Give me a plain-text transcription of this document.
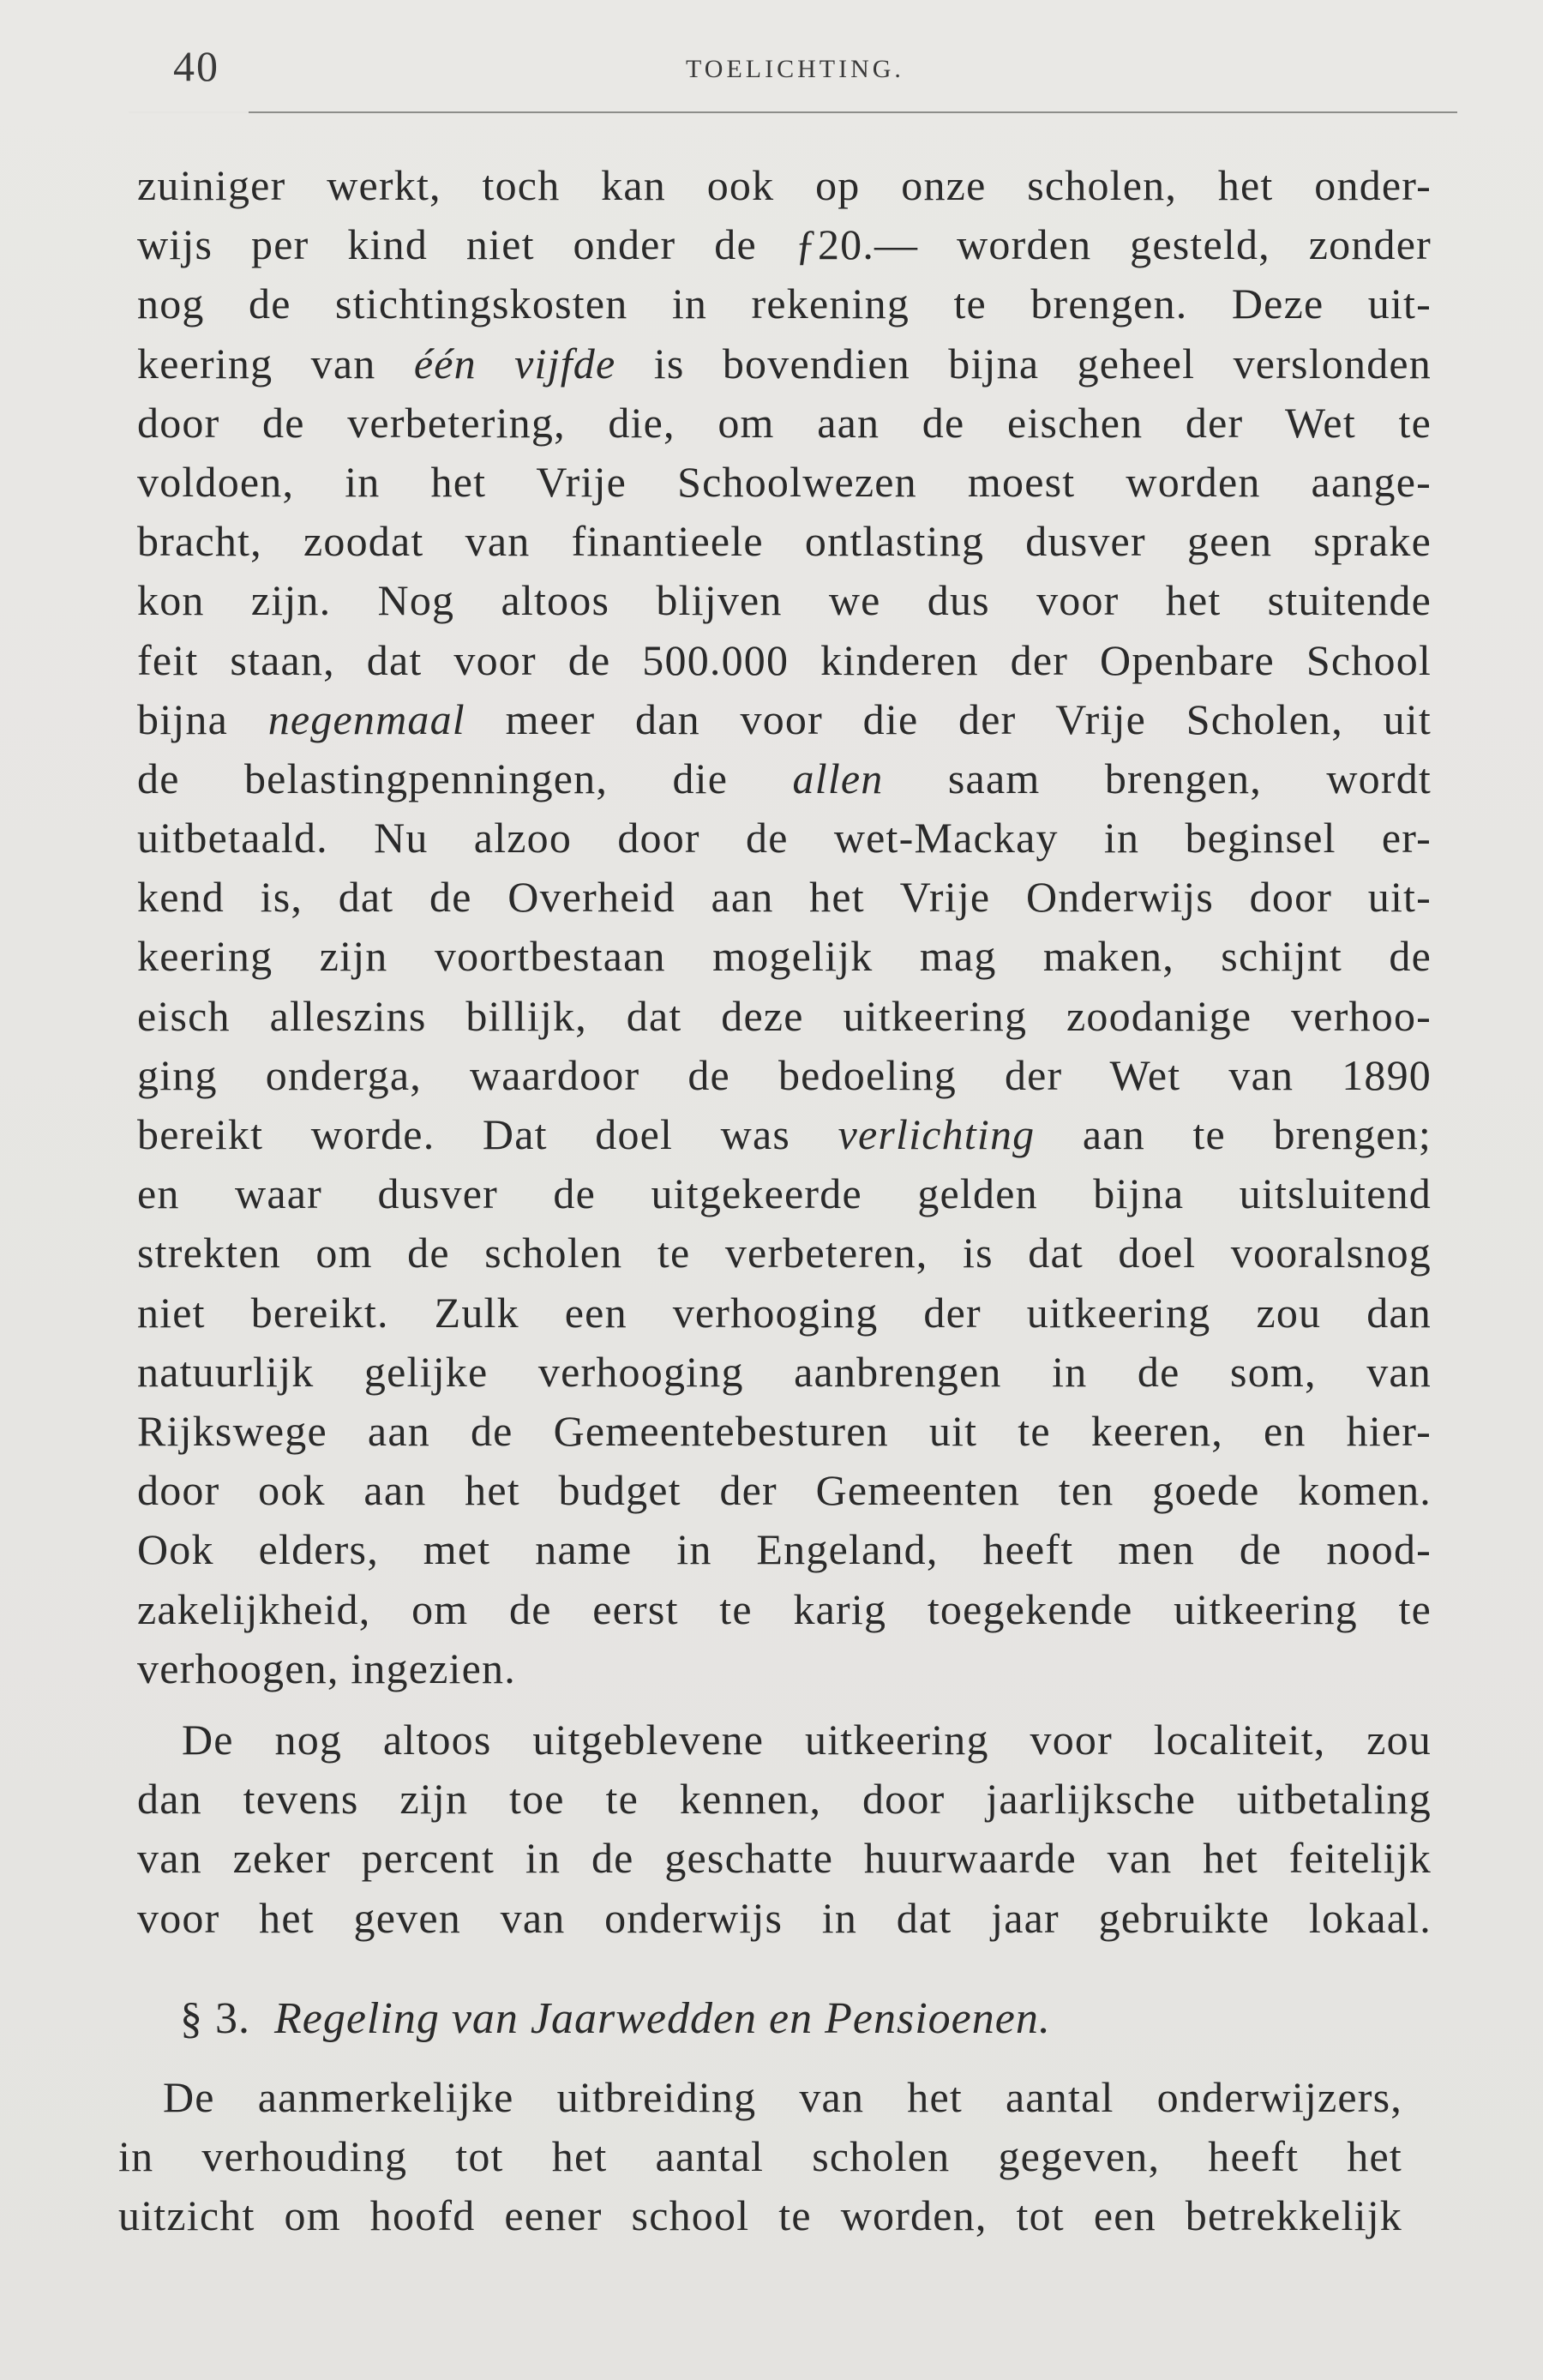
40	TOELICHTING.
zuiniger werkt, toch kan ook op onze scholen, het onder-
wijs per kind niet onder de ƒ20.— worden gesteld, zonder
nog de stichtingskosten in rekening te brengen. Deze uit-
keering van één vijfde is bovendien bijna geheel verslonden
door de verbetering, die, om aan de eischen der Wet te
voldoen, in het Vrije Schoolwezen moest worden aange-
bracht, zoodat van finantieele ontlasting dusver geen sprake
kon zijn. Nog altoos blijven we dus voor het stuitende
feit staan, dat voor de 500.000 kinderen der Openbare School
bijna negenmaal meer dan voor die der Vrije Scholen, uit
de belastingpenningen, die allen saam brengen, wordt
uitbetaald. Nu alzoo door de wet-Mackay in beginsel er-
kend is, dat de Overheid aan het Vrije Onderwijs door uit-
keering zijn voortbestaan mogelijk mag maken, schijnt de
eisch alleszins billijk, dat deze uitkeering zoodanige verhoo-
ging onderga, waardoor de bedoeling der Wet van 1890
bereikt worde. Dat doel was verlichting aan te brengen;
en waar dusver de uitgekeerde gelden bijna uitsluitend
strekten om de scholen te verbeteren, is dat doel vooralsnog
niet bereikt. Zulk een verhooging der uitkeering zou dan
natuurlijk gelijke verhooging aanbrengen in de som, van
Rijkswege aan de Gemeentebesturen uit te keeren, en hier-
door ook aan het budget der Gemeenten ten goede komen.
Ook elders, met name in Engeland, heeft men de nood-
zakelijkheid, om de eerst te karig toegekende uitkeering te
verhoogen, ingezien.
De nog altoos uitgeblevene uitkeering voor localiteit, zou
dan tevens zijn toe te kennen, door jaarlijksche uitbetaling
van zeker percent in de geschatte huurwaarde van het feitelijk
voor het geven van onderwijs in dat jaar gebruikte lokaal.
§ 3. Regeling van Jaarwedden en Pensioenen.
De aanmerkelijke uitbreiding van het aantal onderwijzers,
in verhouding tot het aantal scholen gegeven, heeft het
uitzicht om hoofd eener school te worden, tot een betrekkelijk
